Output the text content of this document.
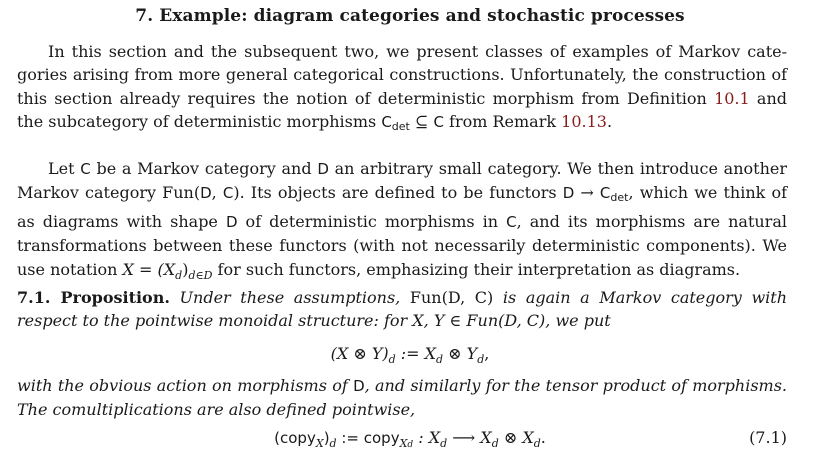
7. Example: diagram categories and stochastic processes
In this section and the subsequent two, we present classes of examples of Markov categories arising from more general categorical constructions. Unfortunately, the construction of this section already requires the notion of deterministic morphism from Definition 10.1 and the subcategory of deterministic morphisms Cdet ⊆ C from Remark 10.13.
Let C be a Markov category and D an arbitrary small category. We then introduce another Markov category Fun(D, C). Its objects are defined to be functors D → Cdet, which we think of as diagrams with shape D of deterministic morphisms in C, and its morphisms are natural transformations between these functors (with not necessarily deterministic components). We use notation $X = (X_d)_{d\in D}$ for such functors, emphasizing their interpretation as diagrams.
7.1. Proposition. Under these assumptions, Fun(D, C) is again a Markov category with respect to the pointwise monoidal structure: for X, Y ∈ Fun(D, C), we put
(X ⊗ $Y)_d$ := $X_d$ ⊗ $Y_d$,
with the obvious action on morphisms of D, and similarly for the tensor product of morphisms. The comultiplications are also defined pointwise,
$(copy_X)_d$ := copy$_{Xd}$ : $X_d$ ⟶ $X_d$ ⊗ $X_d$.	(7.1)
